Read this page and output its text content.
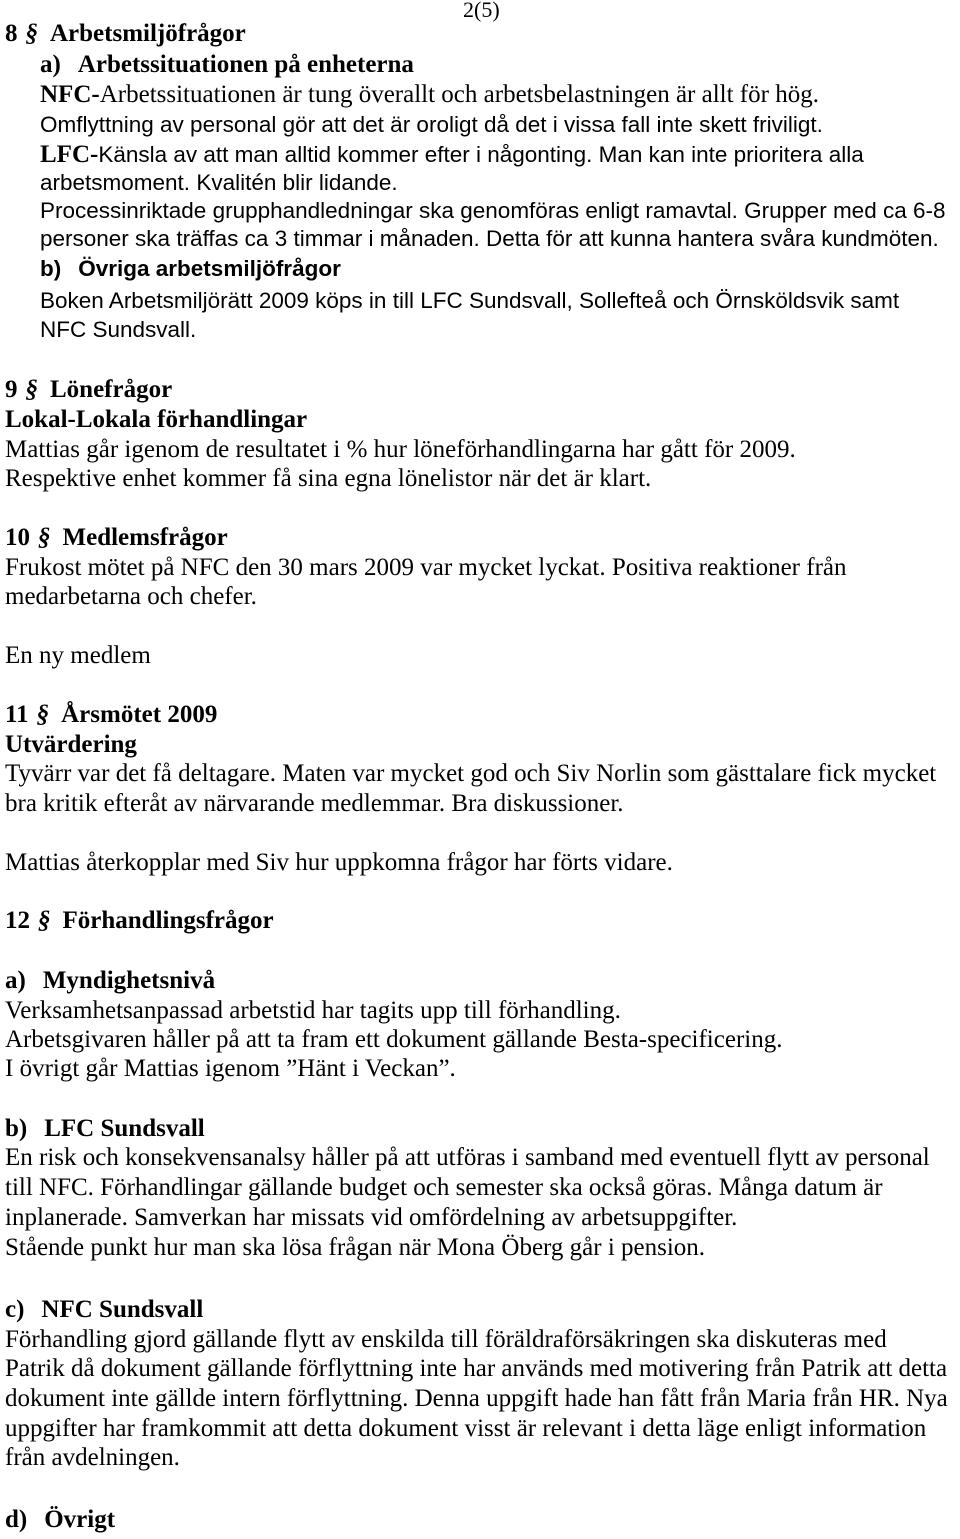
2(5)
8 § Arbetsmiljöfrågor
a) Arbetssituationen på enheterna
NFC-Arbetssituationen är tung överallt och arbetsbelastningen är allt för hög.
Omflyttning av personal gör att det är oroligt då det i vissa fall inte skett friviligt.
LFC-Känsla av att man alltid kommer efter i någonting. Man kan inte prioritera alla
arbetsmoment. Kvalitén blir lidande.
Processinriktade grupphandledningar ska genomföras enligt ramavtal. Grupper med ca 6-8
personer ska träffas ca 3 timmar i månaden. Detta för att kunna hantera svåra kundmöten.
b) Övriga arbetsmiljöfrågor
Boken Arbetsmiljörätt 2009 köps in till LFC Sundsvall, Sollefteå och Örnsköldsvik samt
NFC Sundsvall.
9 § Lönefrågor
Lokal-Lokala förhandlingar
Mattias går igenom de resultatet i % hur löneförhandlingarna har gått för 2009.
Respektive enhet kommer få sina egna lönelistor när det är klart.
10 § Medlemsfrågor
Frukost mötet på NFC den 30 mars 2009 var mycket lyckat. Positiva reaktioner från
medarbetarna och chefer.
En ny medlem
11 § Årsmötet 2009
Utvärdering
Tyvärr var det få deltagare. Maten var mycket god och Siv Norlin som gästtalare fick mycket
bra kritik efteråt av närvarande medlemmar. Bra diskussioner.
Mattias återkopplar med Siv hur uppkomna frågor har förts vidare.
12 § Förhandlingsfrågor
a) Myndighetsnivå
Verksamhetsanpassad arbetstid har tagits upp till förhandling.
Arbetsgivaren håller på att ta fram ett dokument gällande Besta-specificering.
I övrigt går Mattias igenom ”Hänt i Veckan”.
b) LFC Sundsvall
En risk och konsekvensanalsy håller på att utföras i samband med eventuell flytt av personal
till NFC. Förhandlingar gällande budget och semester ska också göras. Många datum är
inplanerade. Samverkan har missats vid omfördelning av arbetsuppgifter.
Stående punkt hur man ska lösa frågan när Mona Öberg går i pension.
c) NFC Sundsvall
Förhandling gjord gällande flytt av enskilda till föräldraförsäkringen ska diskuteras med
Patrik då dokument gällande förflyttning inte har används med motivering från Patrik att detta
dokument inte gällde intern förflyttning. Denna uppgift hade han fått från Maria från HR. Nya
uppgifter har framkommit att detta dokument visst är relevant i detta läge enligt information
från avdelningen.
d) Övrigt
